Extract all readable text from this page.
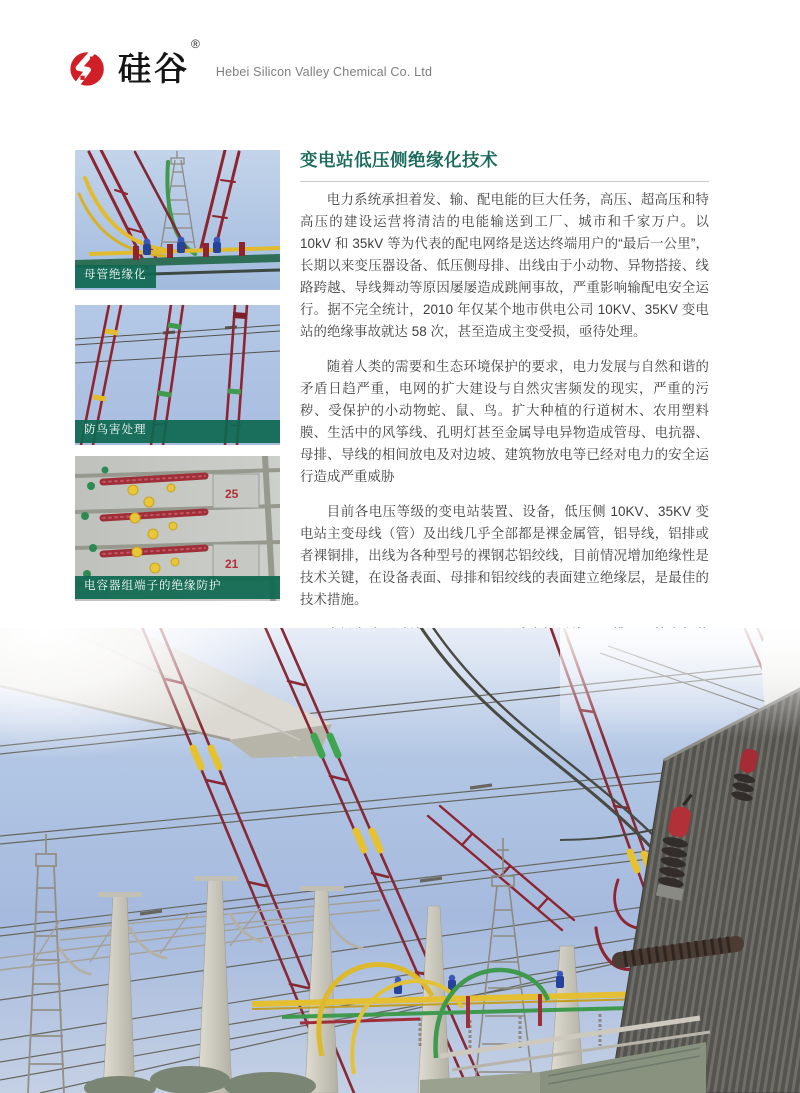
硅谷®
Hebei Silicon Valley Chemical Co. Ltd
母管绝缘化
防鸟害处理
25
21
电容器组端子的绝缘防护
变电站低压侧绝缘化技术

电力系统承担着发、输、配电能的巨大任务，高压、超高压和特高压的建设运营将清洁的电能输送到工厂、城市和千家万户。以 10kV 和 35kV 等为代表的配电网络是送达终端用户的“最后一公里”，长期以来变压器设备、低压侧母排、出线由于小动物、异物搭接、线路跨越、导线舞动等原因屡屡造成跳闸事故，严重影响输配电安全运行。据不完全统计，2010 年仅某个地市供电公司 10KV、35KV 变电站的绝缘事故就达 58 次，甚至造成主变受损，亟待处理。

随着人类的需要和生态环境保护的要求，电力发展与自然和谐的矛盾日趋严重，电网的扩大建设与自然灾害频发的现实，严重的污秽、受保护的小动物蛇、鼠、鸟。扩大种植的行道树木、农用塑料膜、生活中的风筝线、孔明灯甚至金属导电异物造成管母、电抗器、母排、导线的相间放电及对边坡、建筑物放电等已经对电力的安全运行造成严重威胁

目前各电压等级的变电站装置、设备，低压侧 10KV、35KV 变电站主变母线（管）及出线几乎全部都是裸金属管，铝导线，铝排或者裸铜排，出线为各种型号的裸钢芯铝绞线，目前情况增加绝缘性是技术关键，在设备表面、母排和铝绞线的表面建立绝缘层，是最佳的技术措施。
